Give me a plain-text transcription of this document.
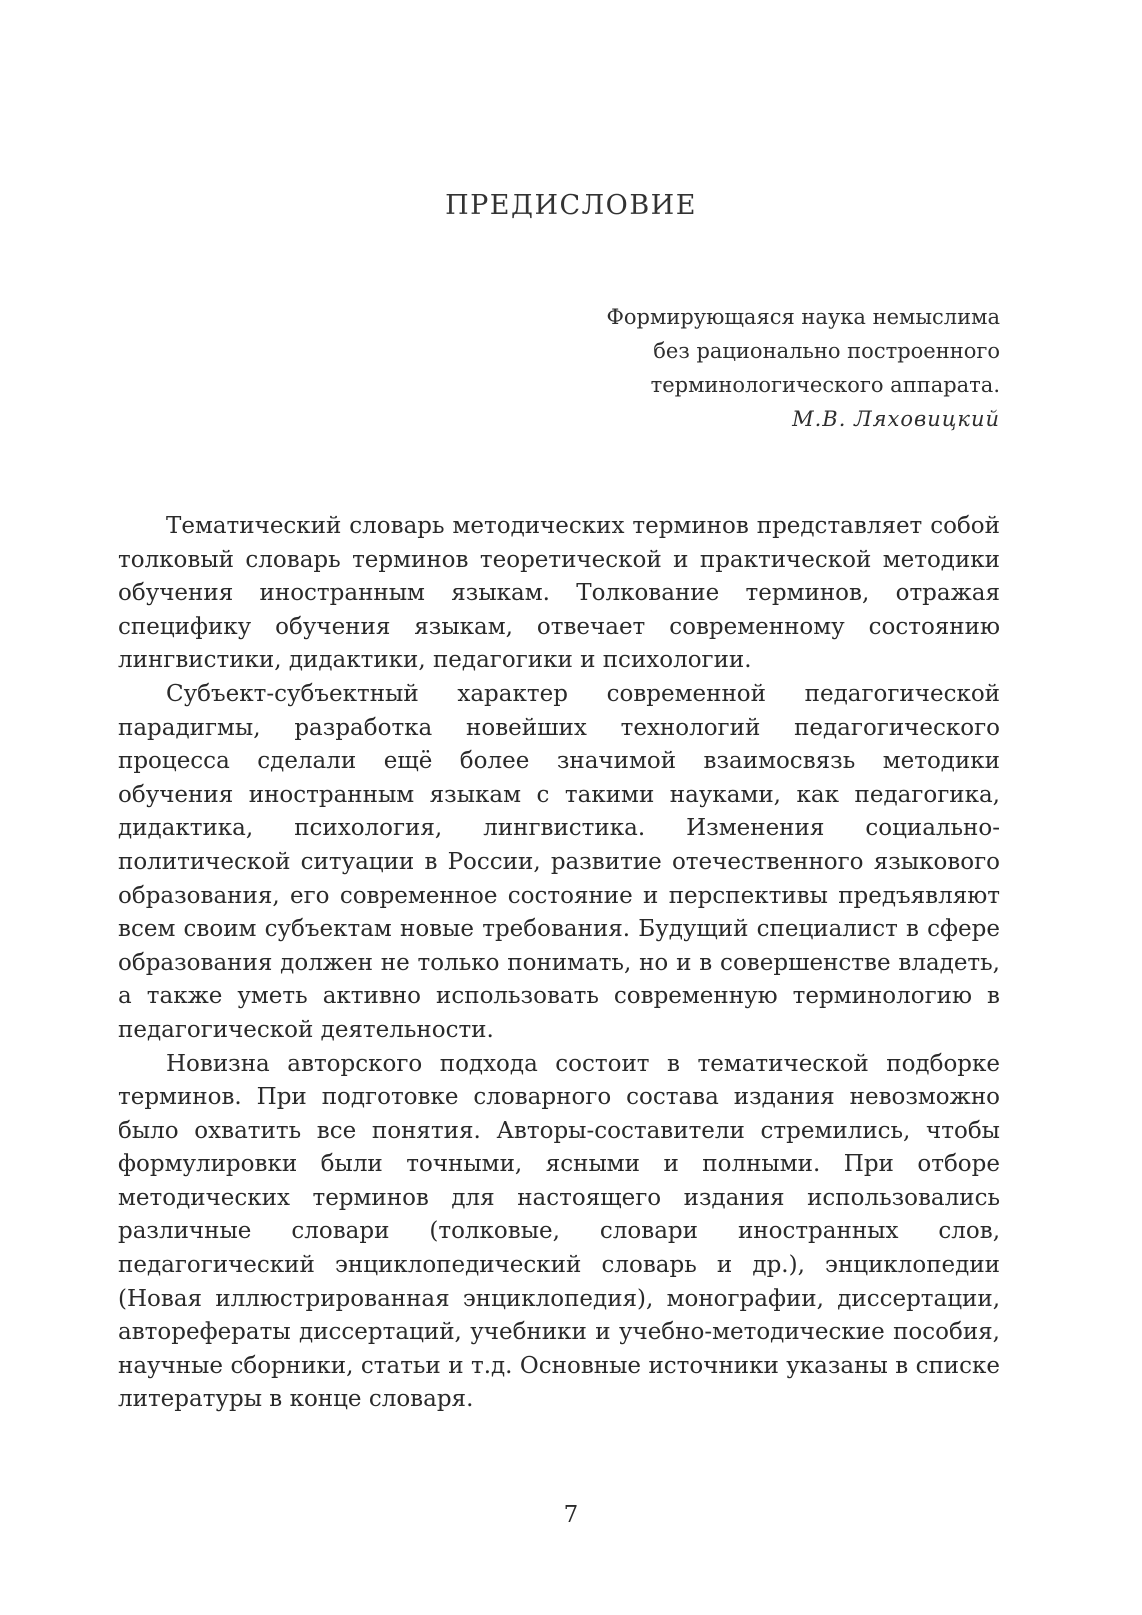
ПРЕДИСЛОВИЕ
Формирующаяся наука немыслима
без рационально построенного
терминологического аппарата.
М.В. Ляховицкий

Тематический словарь методических терминов представляет собой толковый словарь терминов теоретической и практической методики обучения иностранным языкам. Толкование терминов, отражая специфику обучения языкам, отвечает современному состоянию лингвистики, дидактики, педагогики и психологии.

Субъект-субъектный характер современной педагогической парадигмы, разработка новейших технологий педагогического процесса сделали ещё более значимой взаимосвязь методики обучения иностранным языкам с такими науками, как педагогика, дидактика, психология, лингвистика. Изменения социально-политической ситуации в России, развитие отечественного языкового образования, его современное состояние и перспективы предъявляют всем своим субъектам новые требования. Будущий специалист в сфере образования должен не только понимать, но и в совершенстве владеть, а также уметь активно использовать современную терминологию в педагогической деятельности.

Новизна авторского подхода состоит в тематической подборке терминов. При подготовке словарного состава издания невозможно было охватить все понятия. Авторы-составители стремились, чтобы формулировки были точными, ясными и полными. При отборе методических терминов для настоящего издания использовались различные словари (толковые, словари иностранных слов, педагогический энциклопедический словарь и др.), энциклопедии (Новая иллюстрированная энциклопедия), монографии, диссертации, авторефераты диссертаций, учебники и учебно-методические пособия, научные сборники, статьи и т.д. Основные источники указаны в списке литературы в конце словаря.

7
